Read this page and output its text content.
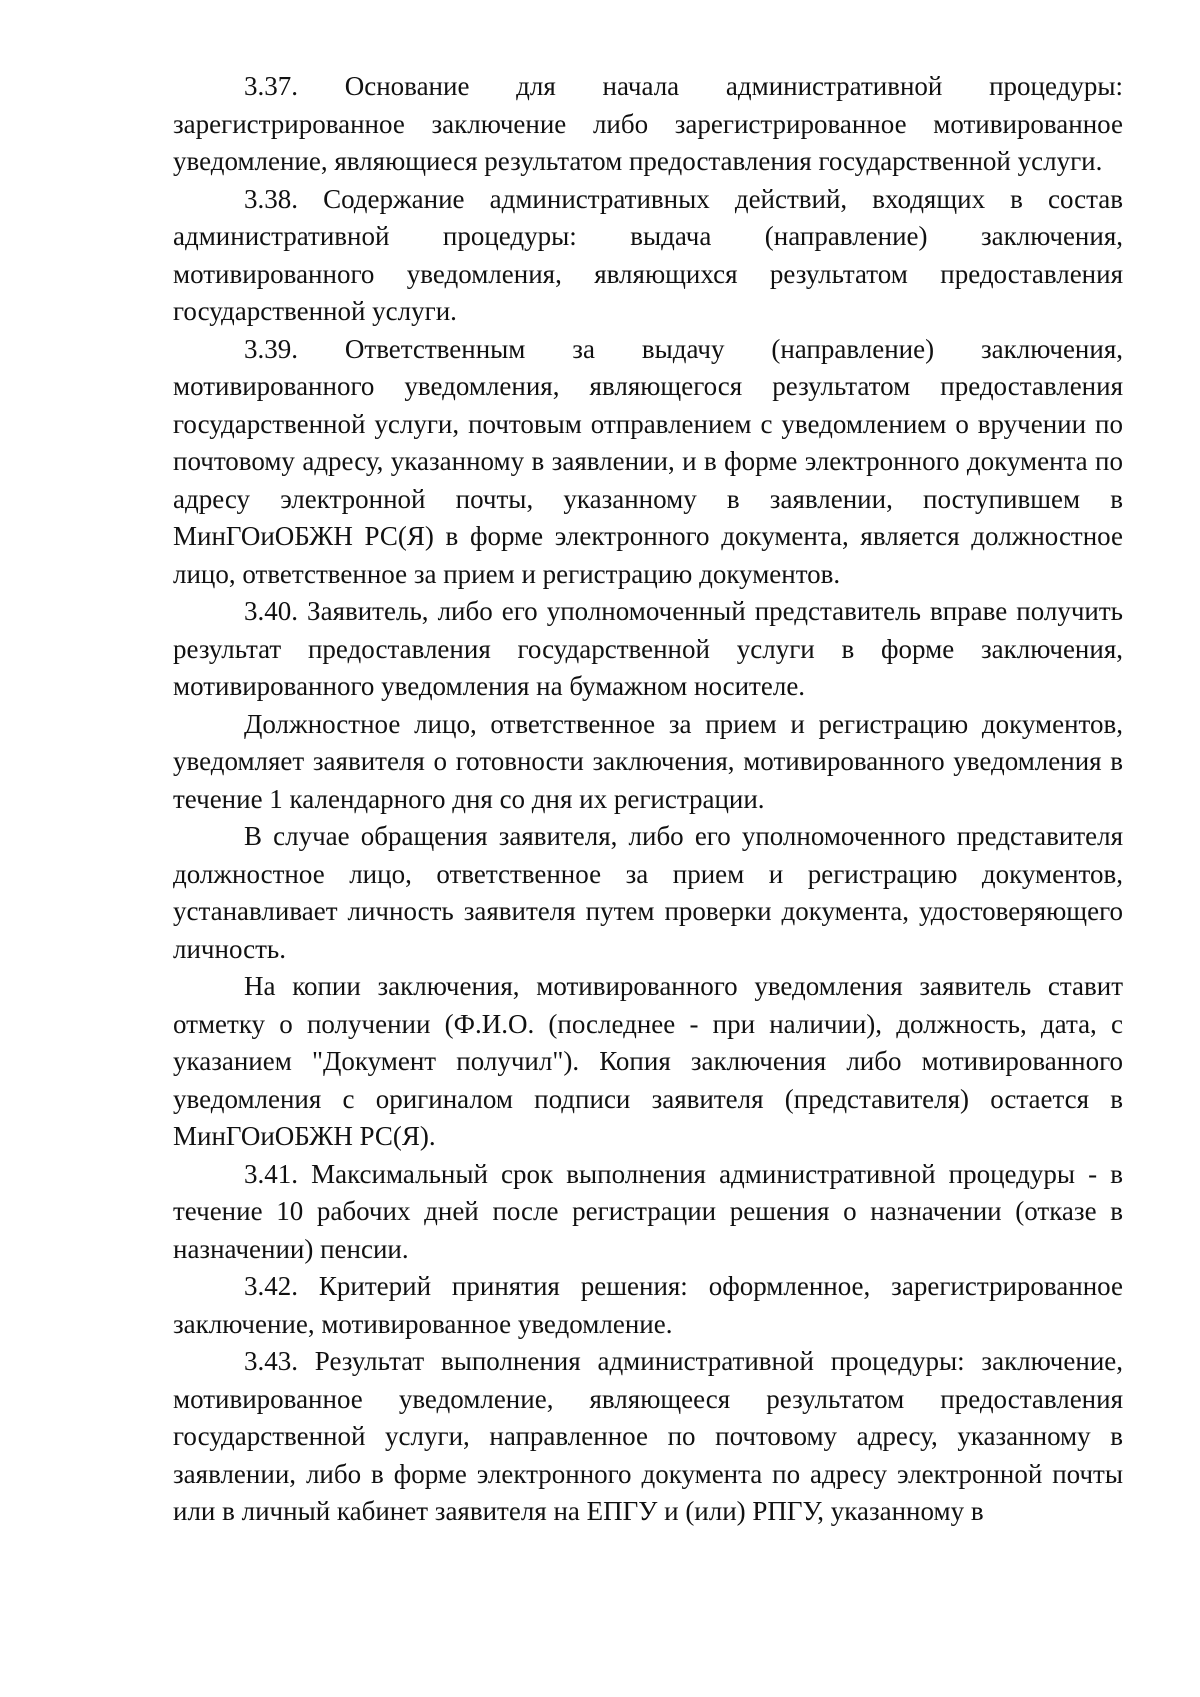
3.37. Основание для начала административной процедуры: зарегистрированное заключение либо зарегистрированное мотивированное уведомление, являющиеся результатом предоставления государственной услуги.

3.38. Содержание административных действий, входящих в состав административной процедуры: выдача (направление) заключения, мотивированного уведомления, являющихся результатом предоставления государственной услуги.

3.39. Ответственным за выдачу (направление) заключения, мотивированного уведомления, являющегося результатом предоставления государственной услуги, почтовым отправлением с уведомлением о вручении по почтовому адресу, указанному в заявлении, и в форме электронного документа по адресу электронной почты, указанному в заявлении, поступившем в МинГОиОБЖН РС(Я) в форме электронного документа, является должностное лицо, ответственное за прием и регистрацию документов.

3.40. Заявитель, либо его уполномоченный представитель вправе получить результат предоставления государственной услуги в форме заключения, мотивированного уведомления на бумажном носителе.

Должностное лицо, ответственное за прием и регистрацию документов, уведомляет заявителя о готовности заключения, мотивированного уведомления в течение 1 календарного дня со дня их регистрации.

В случае обращения заявителя, либо его уполномоченного представителя должностное лицо, ответственное за прием и регистрацию документов, устанавливает личность заявителя путем проверки документа, удостоверяющего личность.

На копии заключения, мотивированного уведомления заявитель ставит отметку о получении (Ф.И.О. (последнее - при наличии), должность, дата, с указанием "Документ получил"). Копия заключения либо мотивированного уведомления с оригиналом подписи заявителя (представителя) остается в МинГОиОБЖН РС(Я).

3.41. Максимальный срок выполнения административной процедуры - в течение 10 рабочих дней после регистрации решения о назначении (отказе в назначении) пенсии.

3.42. Критерий принятия решения: оформленное, зарегистрированное заключение, мотивированное уведомление.

3.43. Результат выполнения административной процедуры: заключение, мотивированное уведомление, являющееся результатом предоставления государственной услуги, направленное по почтовому адресу, указанному в заявлении, либо в форме электронного документа по адресу электронной почты или в личный кабинет заявителя на ЕПГУ и (или) РПГУ, указанному в
